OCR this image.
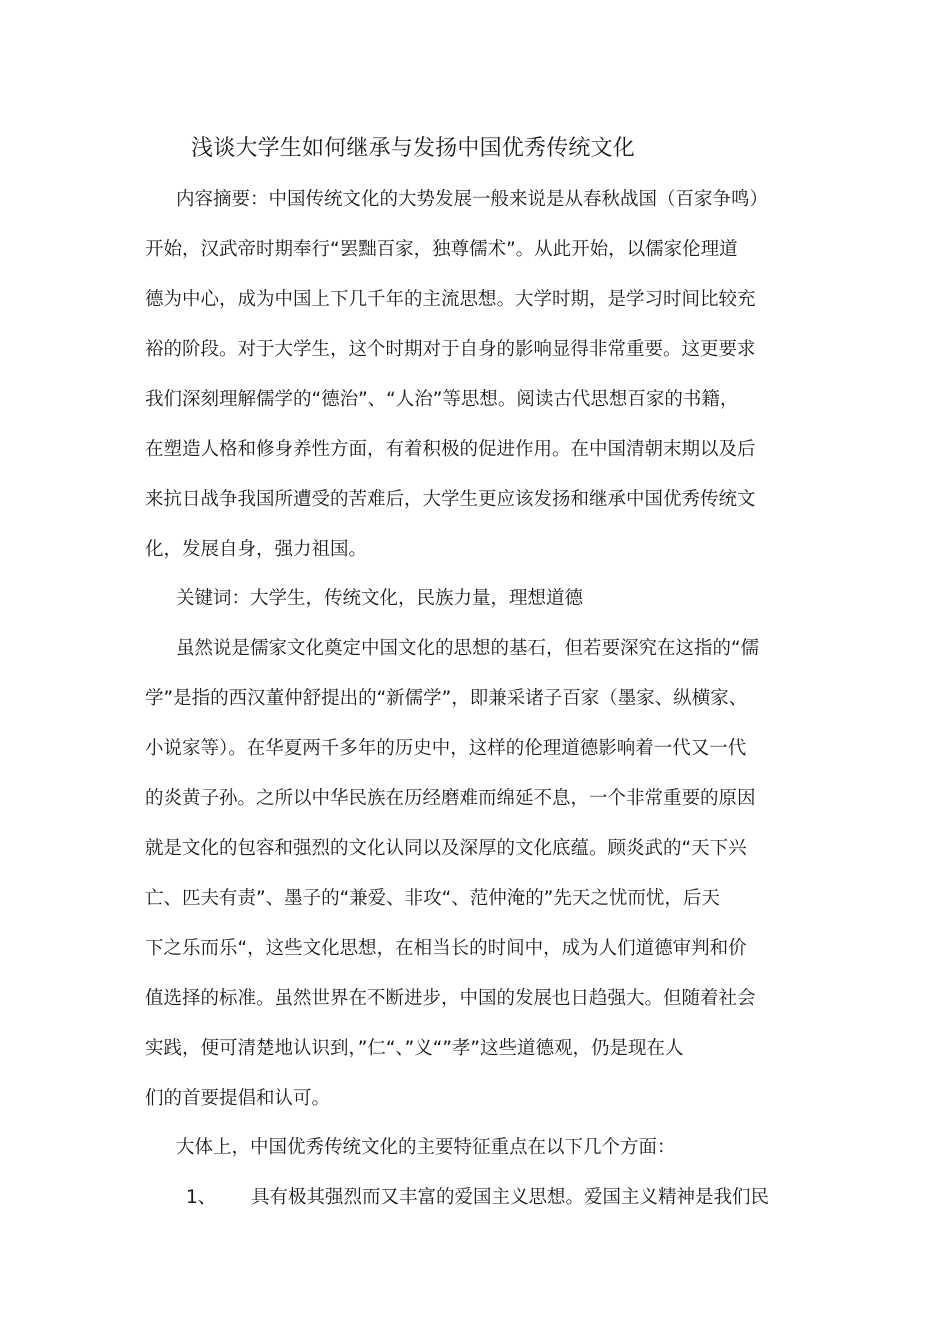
浅谈大学生如何继承与发扬中国优秀传统文化
内容摘要：中国传统文化的大势发展一般来说是从春秋战国（百家争鸣）
开始，汉武帝时期奉行“罢黜百家，独尊儒术”。从此开始，以儒家伦理道
德为中心，成为中国上下几千年的主流思想。大学时期，是学习时间比较充
裕的阶段。对于大学生，这个时期对于自身的影响显得非常重要。这更要求
我们深刻理解儒学的“德治”、“人治”等思想。阅读古代思想百家的书籍，
在塑造人格和修身养性方面，有着积极的促进作用。在中国清朝末期以及后
来抗日战争我国所遭受的苦难后，大学生更应该发扬和继承中国优秀传统文
化，发展自身，强力祖国。
关键词：大学生，传统文化，民族力量，理想道德
虽然说是儒家文化奠定中国文化的思想的基石，但若要深究在这指的“儒
学”是指的西汉董仲舒提出的“新儒学”，即兼采诸子百家（墨家、纵横家、
小说家等）。在华夏两千多年的历史中，这样的伦理道德影响着一代又一代
的炎黄子孙。之所以中华民族在历经磨难而绵延不息，一个非常重要的原因
就是文化的包容和强烈的文化认同以及深厚的文化底蕴。顾炎武的“天下兴
亡、匹夫有责”、墨子的“兼爱、非攻“、范仲淹的”先天之忧而忧，后天
下之乐而乐“，这些文化思想，在相当长的时间中，成为人们道德审判和价
值选择的标准。虽然世界在不断进步，中国的发展也日趋强大。但随着社会
实践，便可清楚地认识到，”仁“、”义“”孝”这些道德观，仍是现在人
们的首要提倡和认可。
大体上，中国优秀传统文化的主要特征重点在以下几个方面：
1、 具有极其强烈而又丰富的爱国主义思想。爱国主义精神是我们民
